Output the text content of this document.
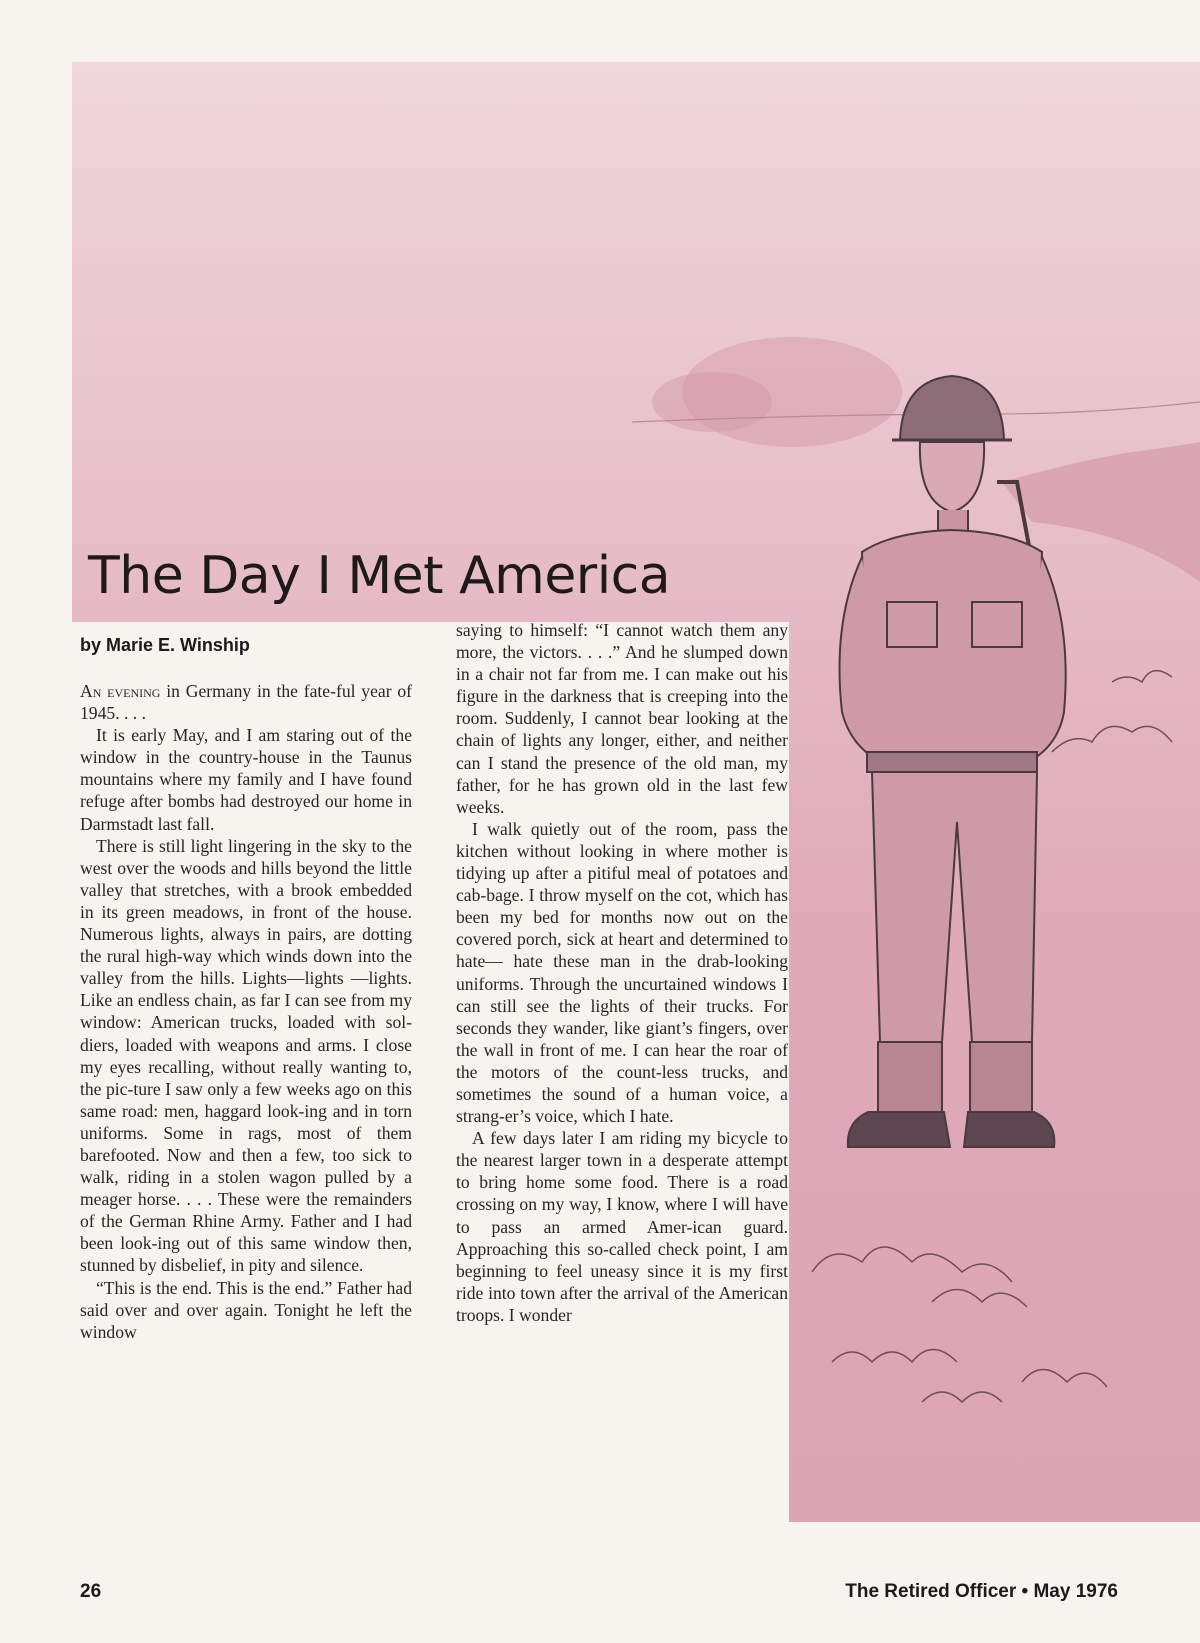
The Day I Met America
by Marie E. Winship

An evening in Germany in the fate-ful year of 1945. . . .

It is early May, and I am staring out of the window in the country-house in the Taunus mountains where my family and I have found refuge after bombs had destroyed our home in Darmstadt last fall.

There is still light lingering in the sky to the west over the woods and hills beyond the little valley that stretches, with a brook embedded in its green meadows, in front of the house. Numerous lights, always in pairs, are dotting the rural high-way which winds down into the valley from the hills. Lights—lights —lights. Like an endless chain, as far I can see from my window: American trucks, loaded with sol-diers, loaded with weapons and arms. I close my eyes recalling, without really wanting to, the pic-ture I saw only a few weeks ago on this same road: men, haggard look-ing and in torn uniforms. Some in rags, most of them barefooted. Now and then a few, too sick to walk, riding in a stolen wagon pulled by a meager horse. . . . These were the remainders of the German Rhine Army. Father and I had been look-ing out of this same window then, stunned by disbelief, in pity and silence.

“This is the end. This is the end.” Father had said over and over again. Tonight he left the window

saying to himself: “I cannot watch them any more, the victors. . . .” And he slumped down in a chair not far from me. I can make out his figure in the darkness that is creeping into the room. Suddenly, I cannot bear looking at the chain of lights any longer, either, and neither can I stand the presence of the old man, my father, for he has grown old in the last few weeks.

I walk quietly out of the room, pass the kitchen without looking in where mother is tidying up after a pitiful meal of potatoes and cab-bage. I throw myself on the cot, which has been my bed for months now out on the covered porch, sick at heart and determined to hate— hate these man in the drab-looking uniforms. Through the uncurtained windows I can still see the lights of their trucks. For seconds they wander, like giant’s fingers, over the wall in front of me. I can hear the roar of the motors of the count-less trucks, and sometimes the sound of a human voice, a strang-er’s voice, which I hate.

A few days later I am riding my bicycle to the nearest larger town in a desperate attempt to bring home some food. There is a road crossing on my way, I know, where I will have to pass an armed Amer-ican guard. Approaching this so-called check point, I am beginning to feel uneasy since it is my first ride into town after the arrival of the American troops. I wonder

26	The Retired Officer • May 1976
